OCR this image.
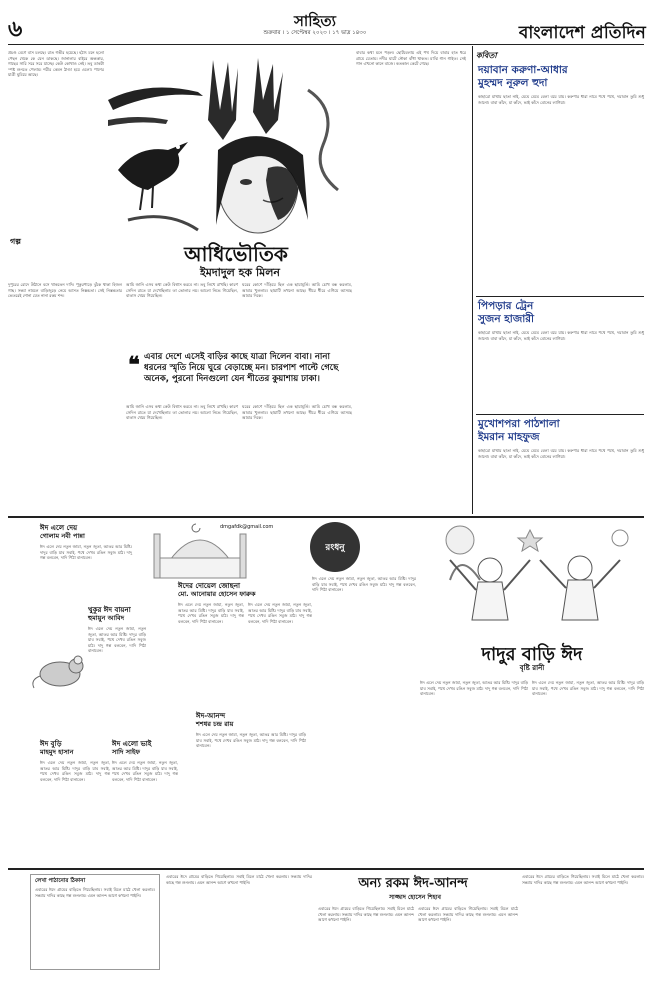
৬	সাহিত্য
শুক্রবার । ১ সেপ্টেম্বর ২০২৩ । ১৭ ভাদ্র ১৪৩০	বাংলাদেশ প্রতিদিন
প্রচণ্ড বেগে বাস চলছে। রাত গভীর হয়েছে। হঠাৎ মনে হলো পেছন থেকে কে যেন ডাকছে। জানালার বাইরে অন্ধকার, গাছের সারি সরে সরে যাচ্ছে। কেউ কোথাও নেই। তবু ডাকটা স্পষ্ট শুনতে পেলাম। শরীর কেমন ঠাণ্ডা হয়ে এলো। পাশের যাত্রী ঘুমিয়ে আছে।
গল্প
আধিভৌতিক
ইমদাদুল হক মিলন
বাবার কথা মনে পড়ল। ছোটবেলায় এই পথ দিয়ে বাবার হাত ধরে গ্রামে যেতাম। নদীর ঘাটে নৌকা বাঁধা থাকত। মাঝি গান গাইত। সেই গান এখনো কানে বাজে। কতকাল কেটে গেছে।
দুপুরের রোদে উঠানে বসে থাকতেন দাদি। পুকুরপাড়ে ঝুঁকে থাকা হিজল গাছ। সন্ধ্যা নামলে বাড়িজুড়ে নেমে আসত নিস্তব্ধতা। সেই নিস্তব্ধতার ভেতরেই শোনা যেত নানা রকম শব্দ।
আমি জানি এসব কথা কেউ বিশ্বাস করবে না। তবু লিখে রাখছি। কারণ সেদিন রাতে যা দেখেছিলাম তা ভোলার নয়। আলো নিভে গিয়েছিল, বাতাস থেমে গিয়েছিল।
ঘরের কোণে দাঁড়িয়ে ছিল এক ছায়ামূর্তি। আমি চোখ বন্ধ করলাম, আবার খুললাম। ছায়াটি তখনো আছে। ধীরে ধীরে এগিয়ে আসছে আমার দিকে।
❝ এবার দেশে এসেই বাড়ির কাছে যাত্রা দিলেন বাবা। নানা ধরনের স্মৃতি নিয়ে ঘুরে বেড়াচ্ছে মন। চারপাশ পাল্টে গেছে অনেক, পুরনো দিনগুলো যেন শীতের কুয়াশায় ঢাকা।
আমি জানি এসব কথা কেউ বিশ্বাস করবে না। তবু লিখে রাখছি। কারণ সেদিন রাতে যা দেখেছিলাম তা ভোলার নয়। আলো নিভে গিয়েছিল, বাতাস থেমে গিয়েছিল।
ঘরের কোণে দাঁড়িয়ে ছিল এক ছায়ামূর্তি। আমি চোখ বন্ধ করলাম, আবার খুললাম। ছায়াটি তখনো আছে। ধীরে ধীরে এগিয়ে আসছে আমার দিকে।
কবিতা
দয়াবান করুণা-আধার
মুহম্মদ নূরুল হুদা
কাহারো মাথায় ছাতা নাই, মেঘে মেঘে বেলা বয়ে যায়। করুণার ধারা নামে পথে পথে, দয়াবান তুমি শুধু জানো। বাবা কাঁদে, মা কাঁদে, ভাই কাঁদে বোনের লাগিয়া।
পিপড়ার ট্রেন
সুজন হাজারী
কাহারো মাথায় ছাতা নাই, মেঘে মেঘে বেলা বয়ে যায়। করুণার ধারা নামে পথে পথে, দয়াবান তুমি শুধু জানো। বাবা কাঁদে, মা কাঁদে, ভাই কাঁদে বোনের লাগিয়া।
মুখোশপরা পাঠশালা
ইমরান মাহফুজ
কাহারো মাথায় ছাতা নাই, মেঘে মেঘে বেলা বয়ে যায়। করুণার ধারা নামে পথে পথে, দয়াবান তুমি শুধু জানো। বাবা কাঁদে, মা কাঁদে, ভাই কাঁদে বোনের লাগিয়া।
dmgafdk@gmail.com
রংধনু
ঈদ এলে দেয়
গোলাম নবী পান্না
ঈদ এলে দেয় নতুন জামা, নতুন জুতা, আতর আর মিষ্টি। দাদুর বাড়ি যাব সবাই, পথে দেখব রঙিন সবুজ মাঠ। দাদু গল্প বলবেন, দাদি পিঠা বানাবেন।
খুকুর ঈদ বায়না
হুমায়ুন আবিদ
ঈদ এলে দেয় নতুন জামা, নতুন জুতা, আতর আর মিষ্টি। দাদুর বাড়ি যাব সবাই, পথে দেখব রঙিন সবুজ মাঠ। দাদু গল্প বলবেন, দাদি পিঠা বানাবেন।
ঈদ বুড়ি
মাহমুদ হাসান
ঈদ এলে দেয় নতুন জামা, নতুন জুতা, আতর আর মিষ্টি। দাদুর বাড়ি যাব সবাই, পথে দেখব রঙিন সবুজ মাঠ। দাদু গল্প বলবেন, দাদি পিঠা বানাবেন।
ঈদের দোয়েল জোছনা
মো. আনোয়ার হোসেন ফারুক
ঈদ এলে দেয় নতুন জামা, নতুন জুতা, আতর আর মিষ্টি। দাদুর বাড়ি যাব সবাই, পথে দেখব রঙিন সবুজ মাঠ। দাদু গল্প বলবেন, দাদি পিঠা বানাবেন।
ঈদ এলে দেয় নতুন জামা, নতুন জুতা, আতর আর মিষ্টি। দাদুর বাড়ি যাব সবাই, পথে দেখব রঙিন সবুজ মাঠ। দাদু গল্প বলবেন, দাদি পিঠা বানাবেন।
ঈদ এলো ভাই
সাদি সাইফ
ঈদ এলে দেয় নতুন জামা, নতুন জুতা, আতর আর মিষ্টি। দাদুর বাড়ি যাব সবাই, পথে দেখব রঙিন সবুজ মাঠ। দাদু গল্প বলবেন, দাদি পিঠা বানাবেন।
ঈদ-আনন্দ
শশধর চন্দ্র রায়
ঈদ এলে দেয় নতুন জামা, নতুন জুতা, আতর আর মিষ্টি। দাদুর বাড়ি যাব সবাই, পথে দেখব রঙিন সবুজ মাঠ। দাদু গল্প বলবেন, দাদি পিঠা বানাবেন।
ঈদ এলে দেয় নতুন জামা, নতুন জুতা, আতর আর মিষ্টি। দাদুর বাড়ি যাব সবাই, পথে দেখব রঙিন সবুজ মাঠ। দাদু গল্প বলবেন, দাদি পিঠা বানাবেন।
দাদুর বাড়ি ঈদ
বৃষ্টি রানী
ঈদ এলে দেয় নতুন জামা, নতুন জুতা, আতর আর মিষ্টি। দাদুর বাড়ি যাব সবাই, পথে দেখব রঙিন সবুজ মাঠ। দাদু গল্প বলবেন, দাদি পিঠা বানাবেন।
ঈদ এলে দেয় নতুন জামা, নতুন জুতা, আতর আর মিষ্টি। দাদুর বাড়ি যাব সবাই, পথে দেখব রঙিন সবুজ মাঠ। দাদু গল্প বলবেন, দাদি পিঠা বানাবেন।
লেখা পাঠানোর ঠিকানা
এবারের ঈদে গ্রামের বাড়িতে গিয়েছিলাম। সবাই মিলে মাঠে খেলা করলাম। সন্ধ্যায় দাদির কাছে গল্প শুনলাম। এমন আনন্দ আগে কখনো পাইনি।
অন্য রকম ঈদ-আনন্দ
সাজ্জাদ হোসেন শিহাব
এবারের ঈদে গ্রামের বাড়িতে গিয়েছিলাম। সবাই মিলে মাঠে খেলা করলাম। সন্ধ্যায় দাদির কাছে গল্প শুনলাম। এমন আনন্দ আগে কখনো পাইনি।
এবারের ঈদে গ্রামের বাড়িতে গিয়েছিলাম। সবাই মিলে মাঠে খেলা করলাম। সন্ধ্যায় দাদির কাছে গল্প শুনলাম। এমন আনন্দ আগে কখনো পাইনি।
এবারের ঈদে গ্রামের বাড়িতে গিয়েছিলাম। সবাই মিলে মাঠে খেলা করলাম। সন্ধ্যায় দাদির কাছে গল্প শুনলাম। এমন আনন্দ আগে কখনো পাইনি।
এবারের ঈদে গ্রামের বাড়িতে গিয়েছিলাম। সবাই মিলে মাঠে খেলা করলাম। সন্ধ্যায় দাদির কাছে গল্প শুনলাম। এমন আনন্দ আগে কখনো পাইনি।
